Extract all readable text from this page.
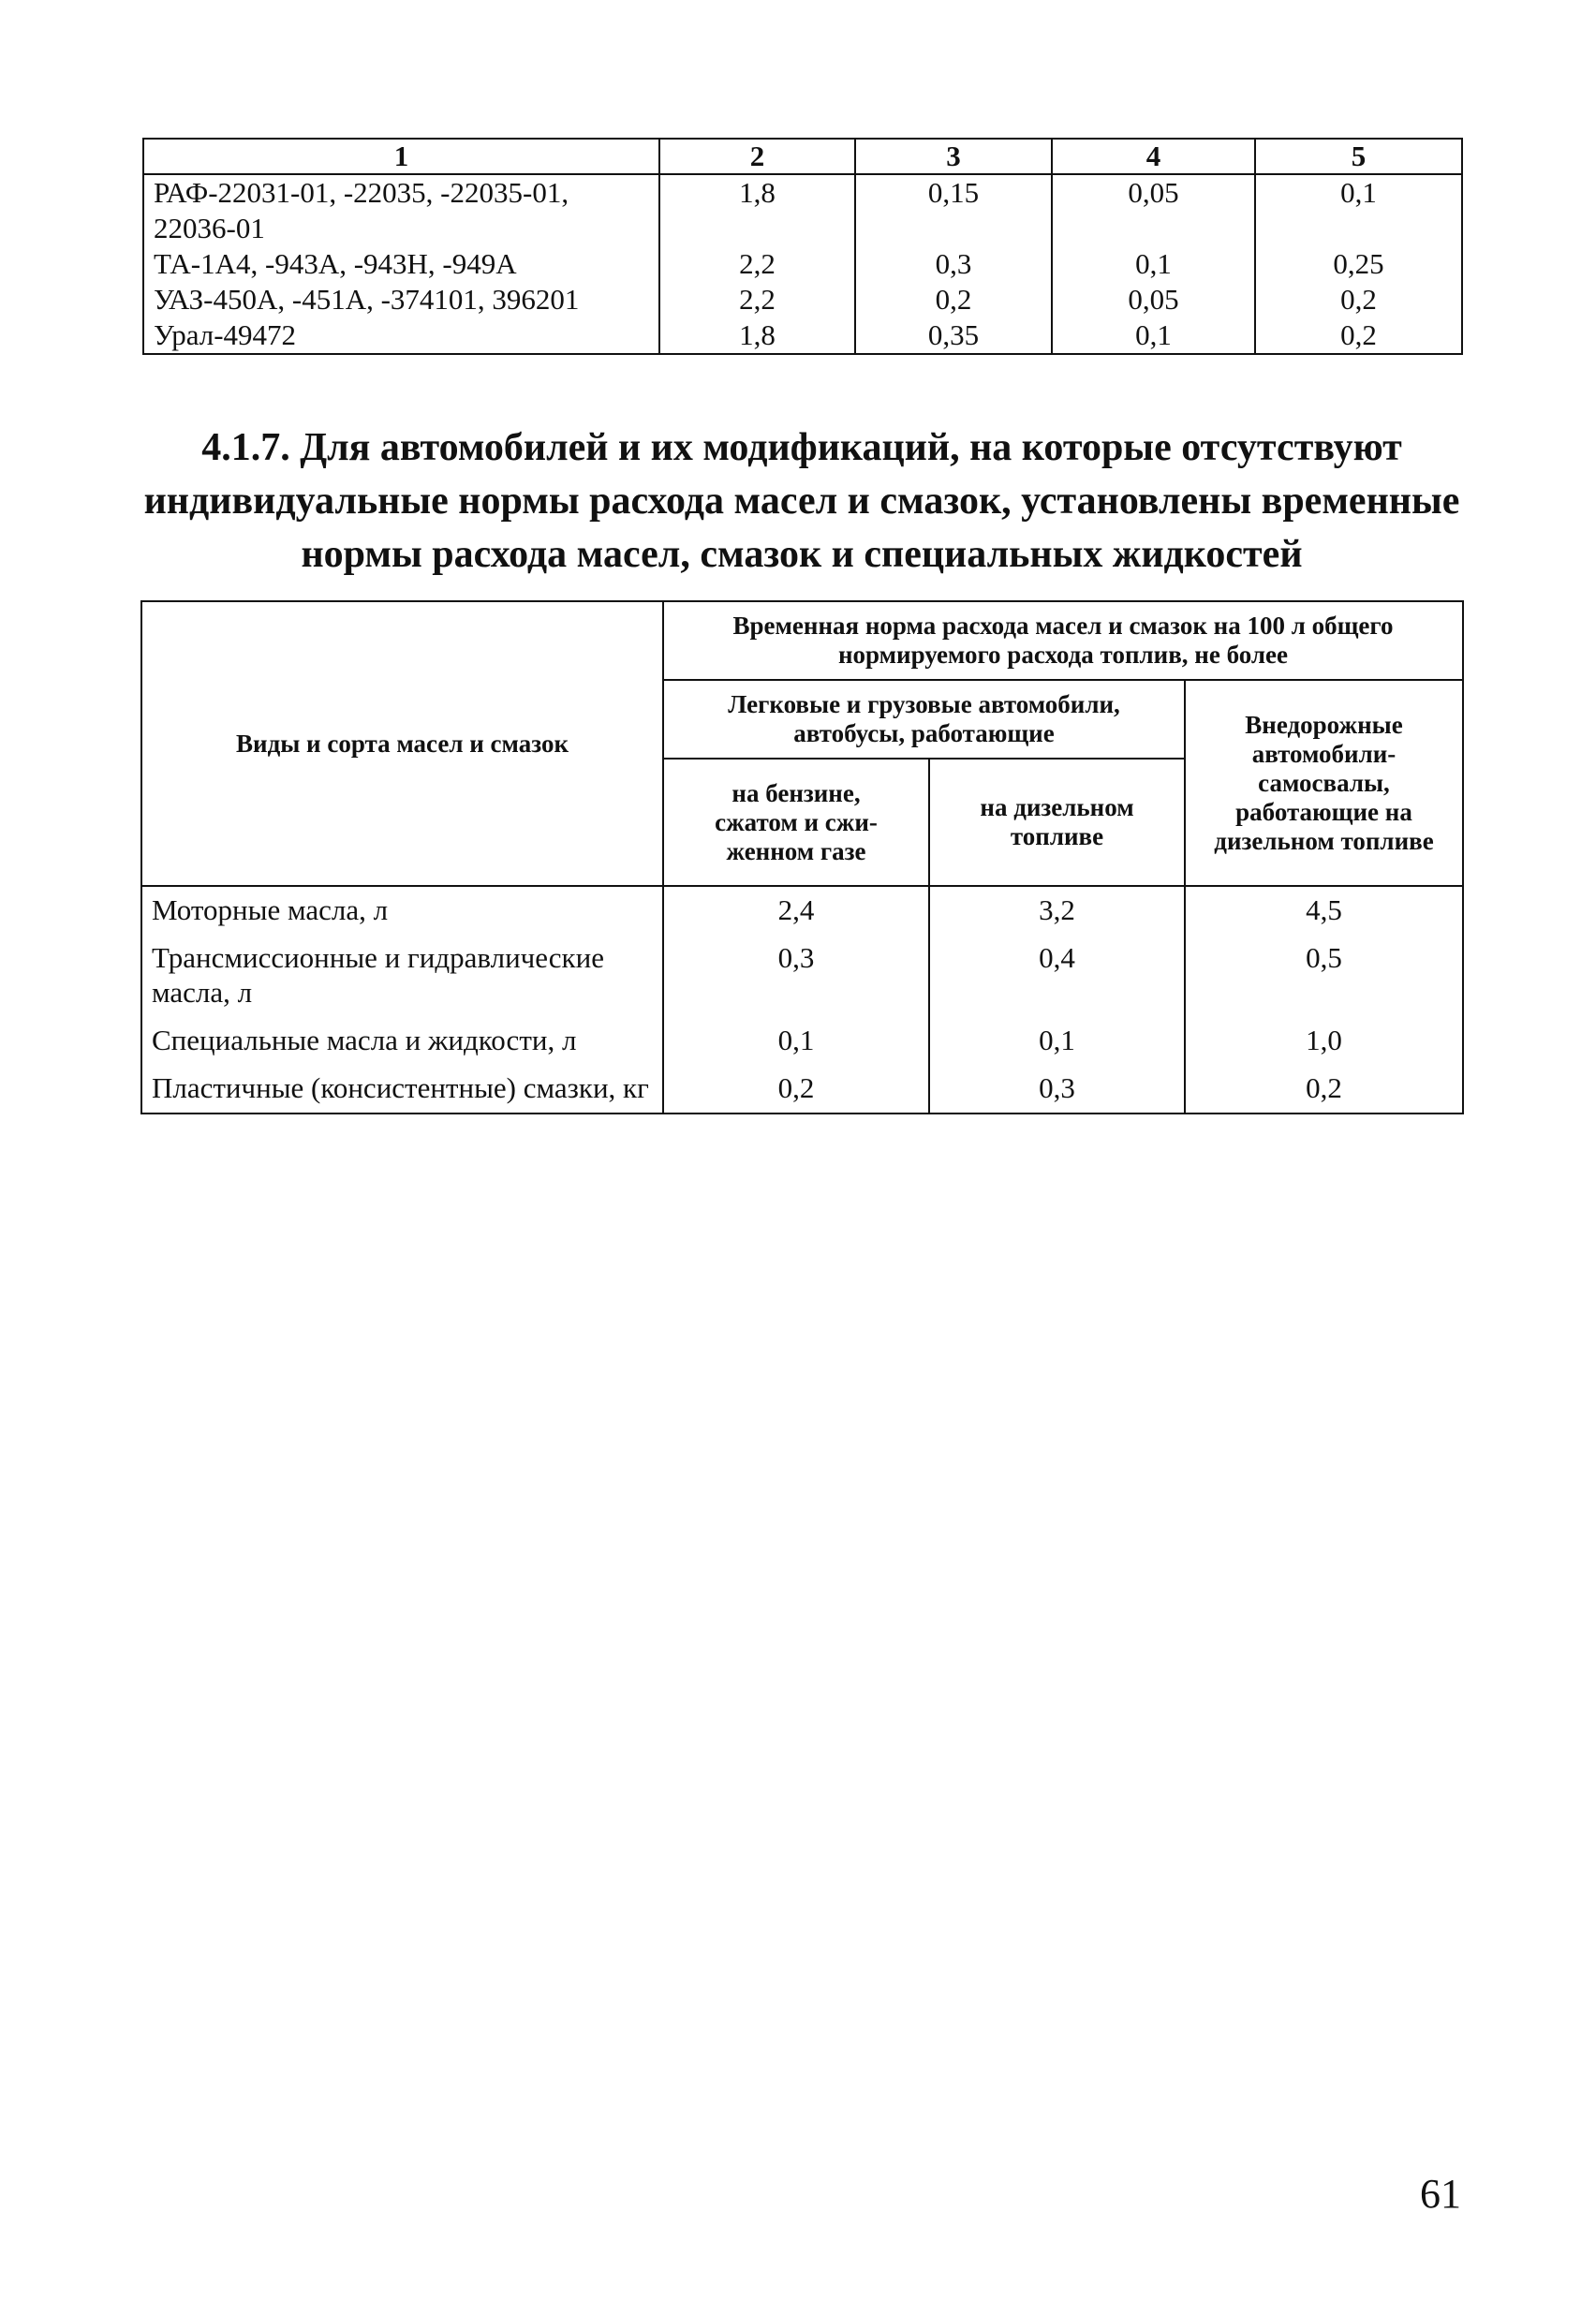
1	2	3	4	5
РАФ-22031-01, -22035, -22035-01, 22036-01	1,8	0,15	0,05	0,1
ТА-1А4, -943А, -943Н, -949А	2,2	0,3	0,1	0,25
УАЗ-450А, -451А, -374101, 396201	2,2	0,2	0,05	0,2
Урал-49472	1,8	0,35	0,1	0,2
4.1.7. Для автомобилей и их модификаций, на которые отсутствуют индивидуальные нормы расхода масел и смазок, установлены временные нормы расхода масел, смазок и специальных жидкостей
Виды и сорта масел и смазок	Временная норма расхода масел и смазок на 100 л общего нормируемого расхода топлив, не более		
	Легковые и грузовые автомобили, автобусы, работающие		Внедорожные автомобили-самосвалы, работающие на дизельном топливе
	на бензине, сжатом и сжи-женном газе	на дизельном топливе	
Моторные масла, л	2,4	3,2	4,5
Трансмиссионные и гидравлические масла, л	0,3	0,4	0,5
Специальные масла и жидкости, л	0,1	0,1	1,0
Пластичные (консистентные) смазки, кг	0,2	0,3	0,2
61
